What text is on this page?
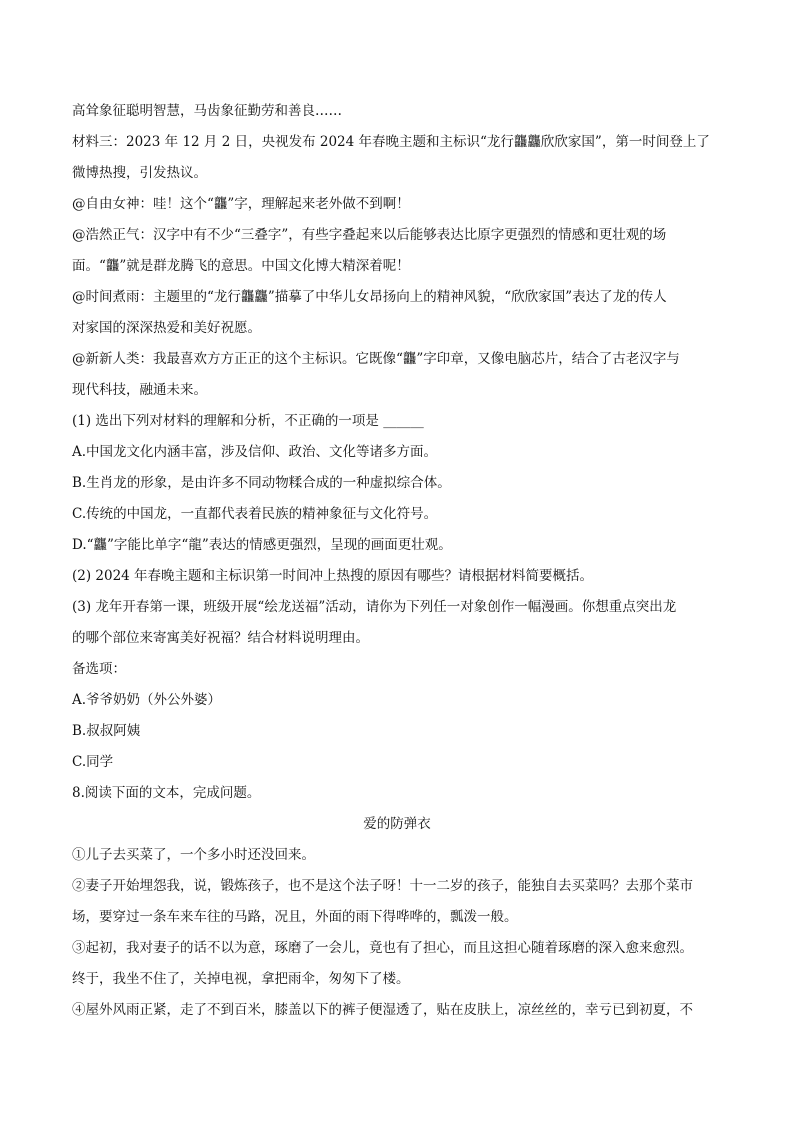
高耸象征聪明智慧，马齿象征勤劳和善良……
材料三：2023 年 12 月 2 日，央视发布 2024 年春晚主题和主标识“龙行龘龘欣欣家国”，第一时间登上了
微博热搜，引发热议。
@自由女神：哇！这个“龘”字，理解起来老外做不到啊！
@浩然正气：汉字中有不少“三叠字”，有些字叠起来以后能够表达比原字更强烈的情感和更壮观的场
面。“龘”就是群龙腾飞的意思。中国文化博大精深着呢！
@时间煮雨：主题里的“龙行龘龘”描摹了中华儿女昂扬向上的精神风貌，“欣欣家国”表达了龙的传人
对家国的深深热爱和美好祝愿。
@新新人类：我最喜欢方方正正的这个主标识。它既像“龘”字印章，又像电脑芯片，结合了古老汉字与
现代科技，融通未来。
(1) 选出下列对材料的理解和分析，不正确的一项是 ______
A.中国龙文化内涵丰富，涉及信仰、政治、文化等诸多方面。
B.生肖龙的形象，是由许多不同动物糅合成的一种虚拟综合体。
C.传统的中国龙，一直都代表着民族的精神象征与文化符号。
D.“龘”字能比单字“龍”表达的情感更强烈，呈现的画面更壮观。
(2) 2024 年春晚主题和主标识第一时间冲上热搜的原因有哪些？请根据材料简要概括。
(3) 龙年开春第一课，班级开展“绘龙送福”活动，请你为下列任一对象创作一幅漫画。你想重点突出龙
的哪个部位来寄寓美好祝福？结合材料说明理由。
备选项：
A.爷爷奶奶（外公外婆）
B.叔叔阿姨
C.同学
8.阅读下面的文本，完成问题。
爱的防弹衣
①儿子去买菜了，一个多小时还没回来。
②妻子开始埋怨我，说，锻炼孩子，也不是这个法子呀！十一二岁的孩子，能独自去买菜吗？去那个菜市
场，要穿过一条车来车往的马路，况且，外面的雨下得哗哗的，瓢泼一般。
③起初，我对妻子的话不以为意，琢磨了一会儿，竟也有了担心，而且这担心随着琢磨的深入愈来愈烈。
终于，我坐不住了，关掉电视，拿把雨伞，匆匆下了楼。
④屋外风雨正紧，走了不到百米，膝盖以下的裤子便湿透了，贴在皮肤上，凉丝丝的，幸亏已到初夏，不
